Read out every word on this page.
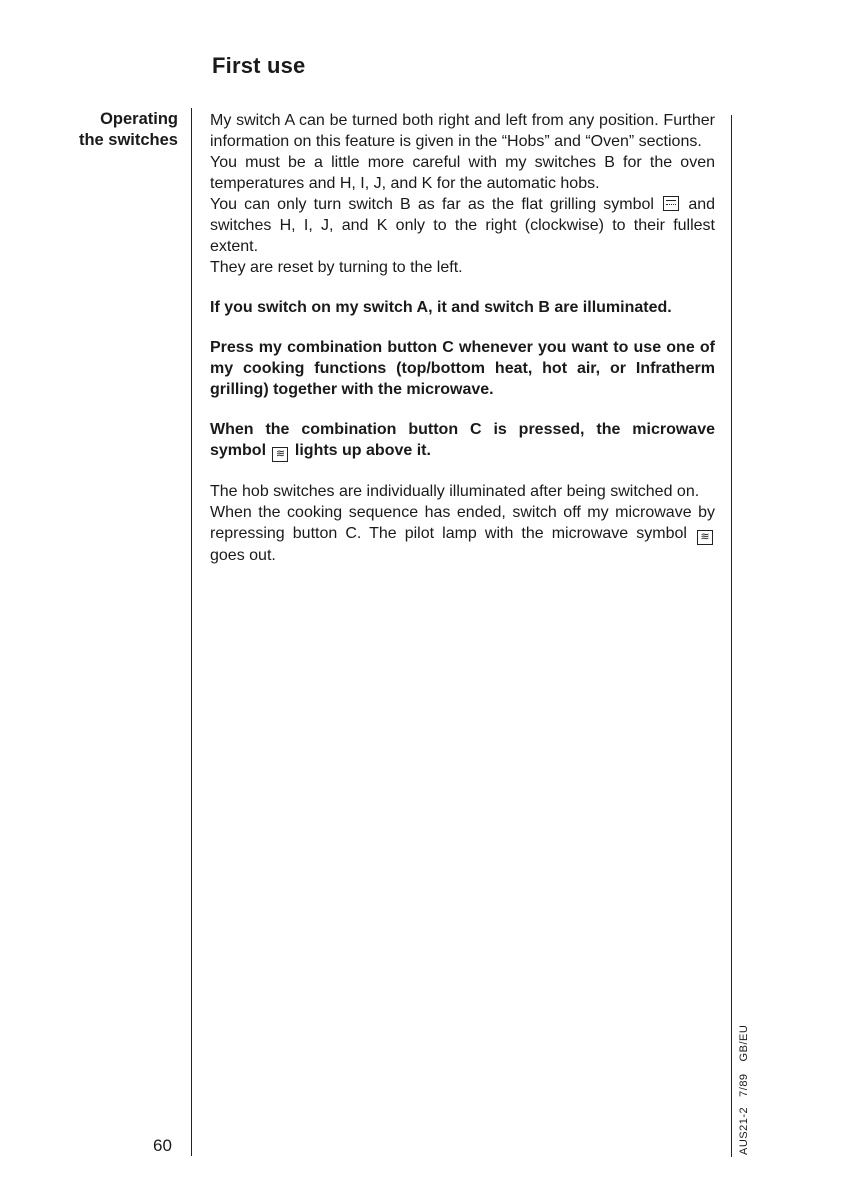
First use
Operating
the switches

My switch A can be turned both right and left from any position. Further information on this feature is given in the “Hobs” and “Oven” sections.

You must be a little more careful with my switches B for the oven temperatures and H, I, J, and K for the automatic hobs.

You can only turn switch B as far as the flat grilling symbol  and switches H, I, J, and K only to the right (clockwise) to their fullest extent.

They are reset by turning to the left.

If you switch on my switch A, it and switch B are illuminated.

Press my combination button C whenever you want to use one of my cooking functions (top/bottom heat, hot air, or Infratherm grilling) together with the microwave.

When the combination button C is pressed, the microwave symbol ≋ lights up above it.

The hob switches are individually illuminated after being switched on.

When the cooking sequence has ended, switch off my microwave by repressing button C. The pilot lamp with the microwave symbol ≋ goes out.

60	AUS21-27/89GB/EU
